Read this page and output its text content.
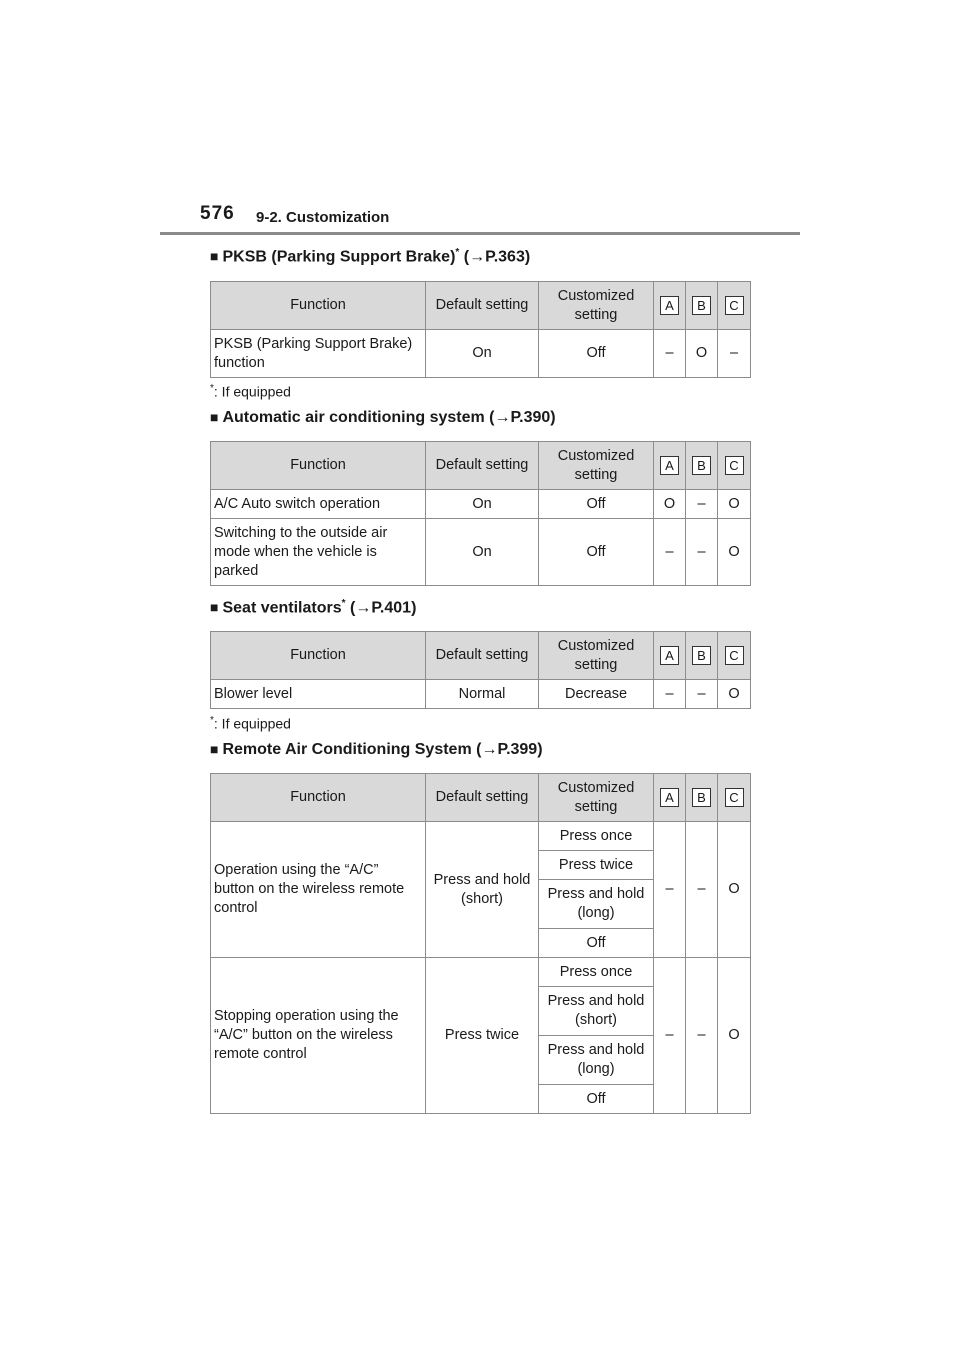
576 9-2. Customization
■ PKSB (Parking Support Brake)* (→P.363)
Function	Default setting	Customized setting	A	B	C
PKSB (Parking Support Brake) function	On	Off	–	O	–
*: If equipped
■ Automatic air conditioning system (→P.390)
Function	Default setting	Customized setting	A	B	C
A/C Auto switch operation	On	Off	O	–	O
Switching to the outside air mode when the vehicle is parked	On	Off	–	–	O
■ Seat ventilators* (→P.401)
Function	Default setting	Customized setting	A	B	C
Blower level	Normal	Decrease	–	–	O
*: If equipped
■ Remote Air Conditioning System (→P.399)
Function	Default setting	Customized setting	A	B	C
Operation using the “A/C” button on the wireless remote control	Press and hold (short)	Press once	–	–	O
		Press twice			
		Press and hold (long)			
		Off			
Stopping operation using the “A/C” button on the wireless remote control	Press twice	Press once	–	–	O
		Press and hold (short)			
		Press and hold (long)			
		Off			
